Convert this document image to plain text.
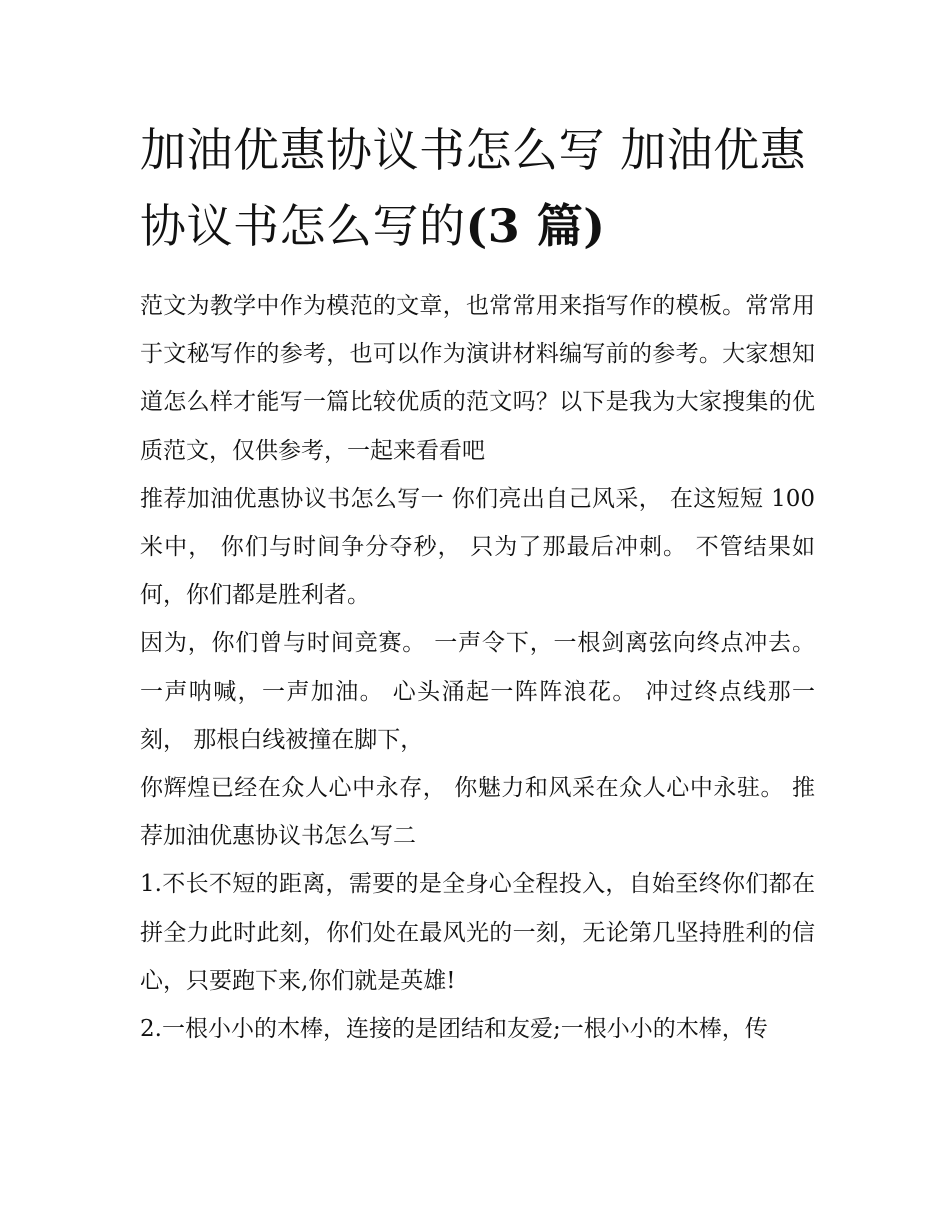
加油优惠协议书怎么写 加油优惠协议书怎么写的(3 篇)

范文为教学中作为模范的文章，也常常用来指写作的模板。常常用于文秘写作的参考，也可以作为演讲材料编写前的参考。大家想知道怎么样才能写一篇比较优质的范文吗？以下是我为大家搜集的优质范文，仅供参考，一起来看看吧

推荐加油优惠协议书怎么写一 你们亮出自己风采， 在这短短 100 米中， 你们与时间争分夺秒， 只为了那最后冲刺。 不管结果如何，你们都是胜利者。

因为，你们曾与时间竞赛。 一声令下，一根剑离弦向终点冲去。 一声呐喊，一声加油。 心头涌起一阵阵浪花。 冲过终点线那一刻， 那根白线被撞在脚下，

你辉煌已经在众人心中永存， 你魅力和风采在众人心中永驻。 推荐加油优惠协议书怎么写二

1.不长不短的距离，需要的是全身心全程投入，自始至终你们都在拼全力此时此刻，你们处在最风光的一刻，无论第几坚持胜利的信心，只要跑下来,你们就是英雄!

2.一根小小的木棒，连接的是团结和友爱;一根小小的木棒，传
